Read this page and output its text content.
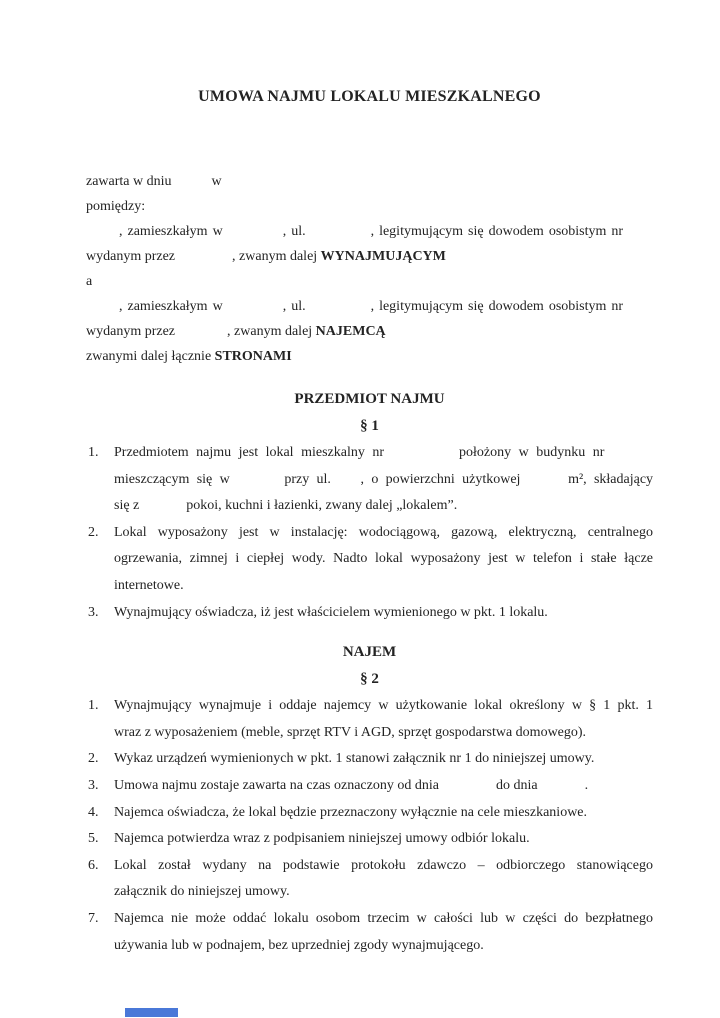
UMOWA NAJMU LOKALU MIESZKALNEGO
zawarta w dniu	w
pomiędzy:
, zamieszkałym w	, ul.	, legitymującym się dowodem osobistym nr
wydanym przez	, zwanym dalej WYNAJMUJĄCYM
a
, zamieszkałym w	, ul.	, legitymującym się dowodem osobistym nr
wydanym przez	, zwanym dalej NAJEMCĄ
zwanymi dalej łącznie STRONAMI
PRZEDMIOT NAJMU
§ 1
1. Przedmiotem najmu jest lokal mieszkalny nr	położony w budynku nr
mieszczącym się w	przy ul. , o powierzchni użytkowej	m², składający
się z	pokoi, kuchni i łazienki, zwany dalej „lokalem”.
2. Lokal wyposażony jest w instalację: wodociągową, gazową, elektryczną, centralnego
ogrzewania, zimnej i ciepłej wody. Nadto lokal wyposażony jest w telefon i stałe łącze
internetowe.
3. Wynajmujący oświadcza, iż jest właścicielem wymienionego w pkt. 1 lokalu.
NAJEM
§ 2
1. Wynajmujący wynajmuje i oddaje najemcy w użytkowanie lokal określony w § 1 pkt. 1
wraz z wyposażeniem (meble, sprzęt RTV i AGD, sprzęt gospodarstwa domowego).
2. Wykaz urządzeń wymienionych w pkt. 1 stanowi załącznik nr 1 do niniejszej umowy.
3. Umowa najmu zostaje zawarta na czas oznaczony od dnia	do dnia	.
4. Najemca oświadcza, że lokal będzie przeznaczony wyłącznie na cele mieszkaniowe.
5. Najemca potwierdza wraz z podpisaniem niniejszej umowy odbiór lokalu.
6. Lokal został wydany na podstawie protokołu zdawczo – odbiorczego stanowiącego
załącznik do niniejszej umowy.
7. Najemca nie może oddać lokalu osobom trzecim w całości lub w części do bezpłatnego
używania lub w podnajem, bez uprzedniej zgody wynajmującego.
